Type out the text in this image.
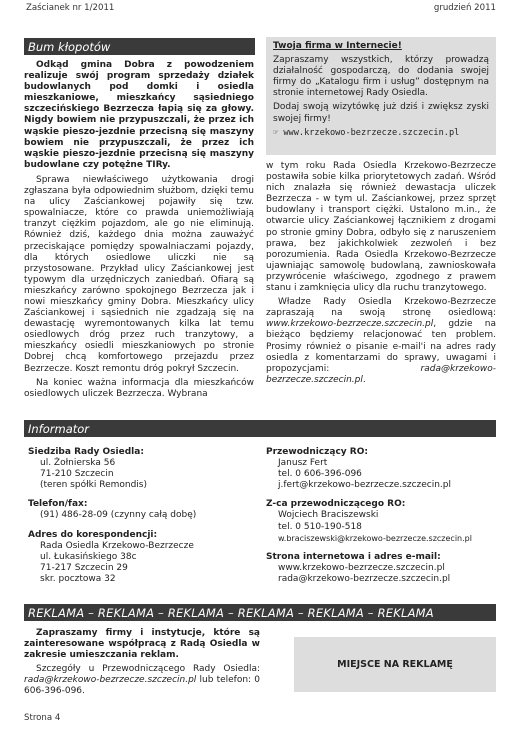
Zaścianek nr 1/2011	grudzień 2011
Bum kłopotów

Odkąd gmina Dobra z powodzeniem realizuje swój program sprzedaży działek budowlanych pod domki i osiedla mieszkaniowe, mieszkańcy sąsiedniego szczecińskiego Bezrzecza łapią się za głowy. Nigdy bowiem nie przypuszczali, że przez ich wąskie pieszo-jezdnie przecisną się maszyny bowiem nie przypuszczali, że przez ich wąskie pieszo-jezdnie przecisną się maszyny budowlane czy potężne TIRy.

Sprawa niewłaściwego użytkowania drogi zgłaszana była odpowiednim służbom, dzięki temu na ulicy Zaściankowej pojawiły się tzw. spowalniacze, które co prawda uniemożliwiają tranzyt ciężkim pojazdom, ale go nie eliminują. Również dziś, każdego dnia można zauważyć przeciskające pomiędzy spowalniaczami pojazdy, dla których osiedlowe uliczki nie są przystosowane. Przykład ulicy Zaściankowej jest typowym dla urzędniczych zaniedbań. Ofiarą są mieszkańcy zarówno spokojnego Bezrzecza jak i nowi mieszkańcy gminy Dobra. Mieszkańcy ulicy Zaściankowej i sąsiednich nie zgadzają się na dewastację wyremontowanych kilka lat temu osiedlowych dróg przez ruch tranzytowy, a mieszkańcy osiedli mieszkaniowych po stronie Dobrej chcą komfortowego przejazdu przez Bezrzecze. Koszt remontu dróg pokrył Szczecin.

Na koniec ważna informacja dla mieszkańców osiedlowych uliczek Bezrzecza. Wybrana

Twoja firma w Internecie!

Zapraszamy wszystkich, którzy prowadzą działalność gospodarczą, do dodania swojej firmy do „Katalogu firm i usług” dostępnym na stronie internetowej Rady Osiedla.

Dodaj swoją wizytówkę już dziś i zwiększ zyski swojej firmy!

☞ www.krzekowo-bezrzecze.szczecin.pl

w tym roku Rada Osiedla Krzekowo-Bezrzecze postawiła sobie kilka priorytetowych zadań. Wśród nich znalazła się również dewastacja uliczek Bezrzecza - w tym ul. Zaściankowej, przez sprzęt budowlany i transport ciężki. Ustalono m.in., że otwarcie ulicy Zaściankowej łącznikiem z drogami po stronie gminy Dobra, odbyło się z naruszeniem prawa, bez jakichkolwiek zezwoleń i bez porozumienia. Rada Osiedla Krzekowo-Bezrzecze ujawniając samowolę budowlaną, zawnioskowała przywrócenie właściwego, zgodnego z prawem stanu i zamknięcia ulicy dla ruchu tranzytowego.

Władze Rady Osiedla Krzekowo-Bezrzecze zapraszają na swoją stronę osiedlową: www.krzekowo-bezrzecze.szczecin.pl, gdzie na bieżąco będziemy relacjonować ten problem. Prosimy również o pisanie e-mail'i na adres rady osiedla z komentarzami do sprawy, uwagami i propozycjami: rada@krzekowo-bezrzecze.szczecin.pl.

Informator
Siedziba Rady Osiedla:
ul. Żołnierska 56
71-210 Szczecin
(teren spółki Remondis)
Telefon/fax:
(91) 486-28-09 (czynny całą dobę)
Adres do korespondencji:
Rada Osiedla Krzekowo-Bezrzecze
ul. Łukasińskiego 38c
71-217 Szczecin 29
skr. pocztowa 32
Przewodniczący RO:
Janusz Fert
tel. 0 606-396-096
j.fert@krzekowo-bezrzecze.szczecin.pl
Z-ca przewodniczącego RO:
Wojciech Braciszewski
tel. 0 510-190-518
w.braciszewski@krzekowo-bezrzecze.szczecin.pl
Strona internetowa i adres e-mail:
www.krzekowo-bezrzecze.szczecin.pl
rada@krzekowo-bezrzecze.szczecin.pl
REKLAMA – REKLAMA – REKLAMA – REKLAMA – REKLAMA – REKLAMA

Zapraszamy firmy i instytucje, które są zainteresowane współpracą z Radą Osiedla w zakresie umieszczania reklam.

Szczegóły u Przewodniczącego Rady Osiedla: rada@krzekowo-bezrzecze.szczecin.pl lub telefon: 0 606-396-096.

MIEJSCE NA REKLAMĘ
Strona 4
